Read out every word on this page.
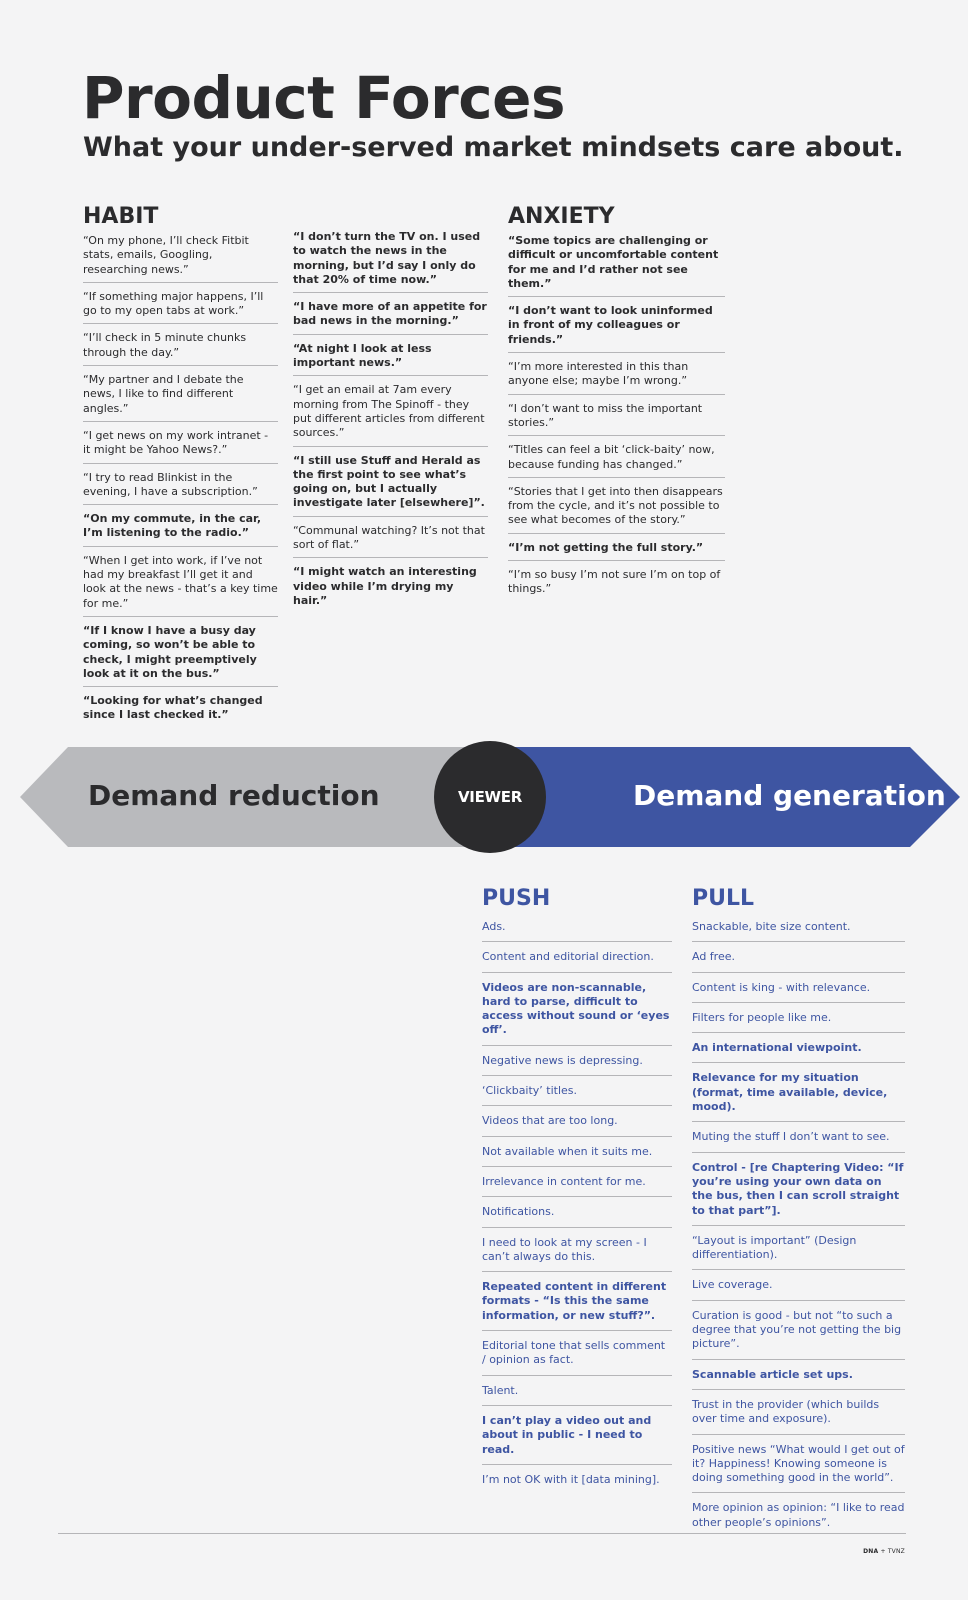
Product Forces
What your under-served market mindsets care about.
HABIT

“On my phone, I’ll check Fitbit stats, emails, Googling, researching news.”

“If something major happens, I’ll go to my open tabs at work.”

“I’ll check in 5 minute chunks through the day.”

“My partner and I debate the news, I like to find different angles.”

“I get news on my work intranet - it might be Yahoo News?.”

“I try to read Blinkist in the evening, I have a subscription.”

“On my commute, in the car, I’m listening to the radio.”

“When I get into work, if I’ve not had my breakfast I’ll get it and look at the news - that’s a key time for me.”

“If I know I have a busy day coming, so won’t be able to check, I might preemptively look at it on the bus.”

“Looking for what’s changed since I last checked it.”

“I don’t turn the TV on. I used to watch the news in the morning, but I’d say I only do that 20% of time now.”

“I have more of an appetite for bad news in the morning.”

“At night I look at less important news.”

“I get an email at 7am every morning from The Spinoff - they put different articles from different sources.”

“I still use Stuff and Herald as the first point to see what’s going on, but I actually investigate later [elsewhere]”.

“Communal watching? It’s not that sort of flat.”

“I might watch an interesting video while I’m drying my hair.”

ANXIETY

“Some topics are challenging or difficult or uncomfortable content for me and I’d rather not see them.”

“I don’t want to look uninformed in front of my colleagues or friends.”

“I’m more interested in this than anyone else; maybe I’m wrong.”

“I don’t want to miss the important stories.”

“Titles can feel a bit ‘click-baity’ now, because funding has changed.”

“Stories that I get into then disappears from the cycle, and it’s not possible to see what becomes of the story.”

“I’m not getting the full story.”

“I’m so busy I’m not sure I’m on top of things.”

Demand reduction	Demand generation

VIEWER
PUSH

Ads.

Content and editorial direction.

Videos are non-scannable, hard to parse, difficult to access without sound or ‘eyes off’.

Negative news is depressing.

‘Clickbaity’ titles.

Videos that are too long.

Not available when it suits me.

Irrelevance in content for me.

Notifications.

I need to look at my screen - I can’t always do this.

Repeated content in different formats - “Is this the same information, or new stuff?”.

Editorial tone that sells comment / opinion as fact.

Talent.

I can’t play a video out and about in public - I need to read.

I’m not OK with it [data mining].

PULL

Snackable, bite size content.

Ad free.

Content is king - with relevance.

Filters for people like me.

An international viewpoint.

Relevance for my situation (format, time available, device, mood).

Muting the stuff I don’t want to see.

Control - [re Chaptering Video: “If you’re using your own data on the bus, then I can scroll straight to that part”].

“Layout is important” (Design differentiation).

Live coverage.

Curation is good - but not “to such a degree that you’re not getting the big picture”.

Scannable article set ups.

Trust in the provider (which builds over time and exposure).

Positive news “What would I get out of it? Happiness! Knowing someone is doing something good in the world”.

More opinion as opinion: “I like to read other people’s opinions”.

DNA + TVNZ
